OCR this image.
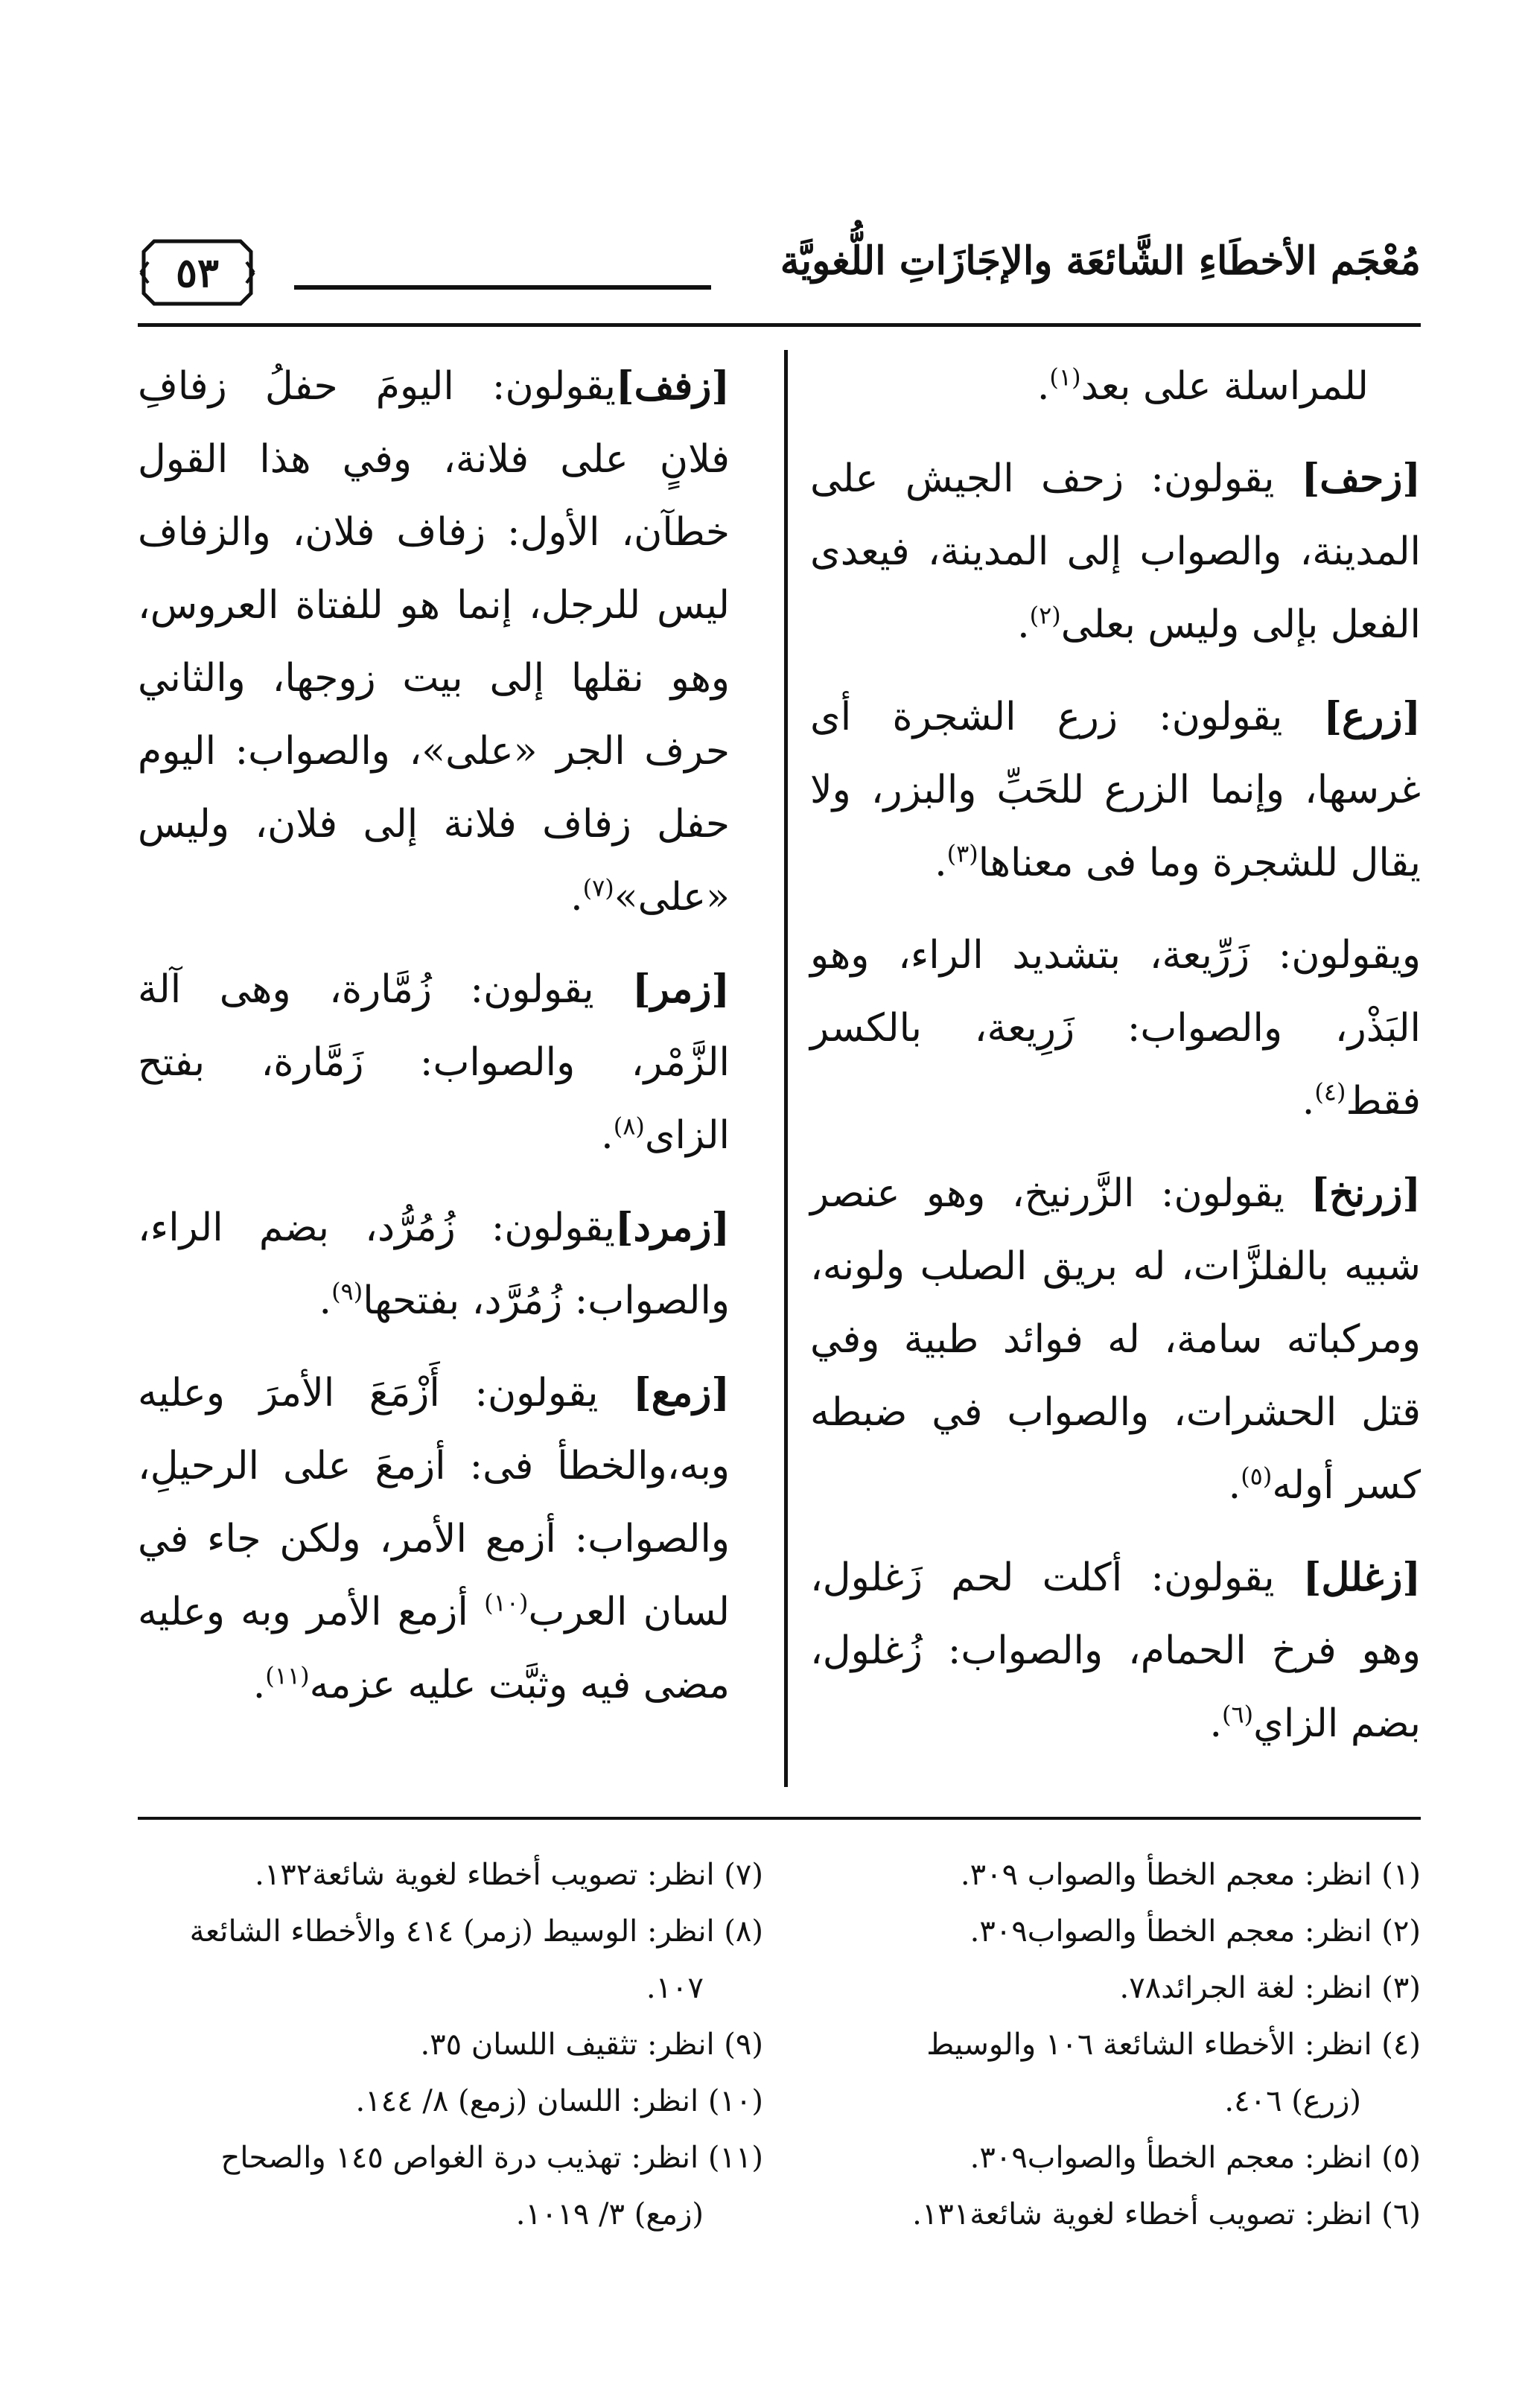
مُعْجَم الأخطَاءِ الشَّائعَة والإجَازَاتِ اللُّغويَّة
٥٣

للمراسلة على بعد$^{(١)}$.

[زحف] يقولون: زحف الجيش على المدينة، والصواب إلى المدينة، فيعدى الفعل بإلى وليس بعلى$^{(٢)}$.

[زرع] يقولون: زرع الشجرة أى غرسها، وإنما الزرع للحَبِّ والبزر، ولا يقال للشجرة وما فى معناها$^{(٣)}$.

ويقولون: زَرِّيعة، بتشديد الراء، وهو البَذْر، والصواب: زَرِيعة، بالكسر فقط$^{(٤)}$.

[زرنخ] يقولون: الزَّرنيخ، وهو عنصر شبيه بالفلزَّات، له بريق الصلب ولونه، ومركباته سامة، له فوائد طبية وفي قتل الحشرات، والصواب في ضبطه كسر أوله$^{(٥)}$.

[زغلل] يقولون: أكلت لحم زَغلول، وهو فرخ الحمام، والصواب: زُغلول، بضم الزاي$^{(٦)}$.

[زفف]يقولون: اليومَ حفلُ زفافِ فلانٍ على فلانة، وفي هذا القول خطآن، الأول: زفاف فلان، والزفاف ليس للرجل، إنما هو للفتاة العروس، وهو نقلها إلى بيت زوجها، والثاني حرف الجر «على»، والصواب: اليوم حفل زفاف فلانة إلى فلان، وليس «على»$^{(٧)}$.

[زمر] يقولون: زُمَّارة، وهى آلة الزَّمْر، والصواب: زَمَّارة، بفتح الزاى$^{(٨)}$.

[زمرد]يقولون: زُمُرُّد، بضم الراء، والصواب: زُمُرَّد، بفتحها$^{(٩)}$.

[زمع] يقولون: أَزْمَعَ الأمرَ وعليه وبه،والخطأ فى: أزمعَ على الرحيلِ، والصواب: أزمع الأمر، ولكن جاء في لسان العرب$^{(١٠)}$ أزمع الأمر وبه وعليه مضى فيه وثبَّت عليه عزمه$^{(١١)}$.

(١) انظر: معجم الخطأ والصواب ٣٠٩.

(٢) انظر: معجم الخطأ والصواب٣٠٩.

(٣) انظر: لغة الجرائد٧٨.

(٤) انظر: الأخطاء الشائعة ١٠٦ والوسيط
(زرع) ٤٠٦.

(٥) انظر: معجم الخطأ والصواب٣٠٩.

(٦) انظر: تصويب أخطاء لغوية شائعة١٣١.

(٧) انظر: تصويب أخطاء لغوية شائعة١٣٢.

(٨) انظر: الوسيط (زمر) ٤١٤ والأخطاء الشائعة
١٠٧.

(٩) انظر: تثقيف اللسان ٣٥.

(١٠) انظر: اللسان (زمع) ٨/ ١٤٤.

(١١) انظر: تهذيب درة الغواص ١٤٥ والصحاح
(زمع) ٣/ ١٠١٩.
